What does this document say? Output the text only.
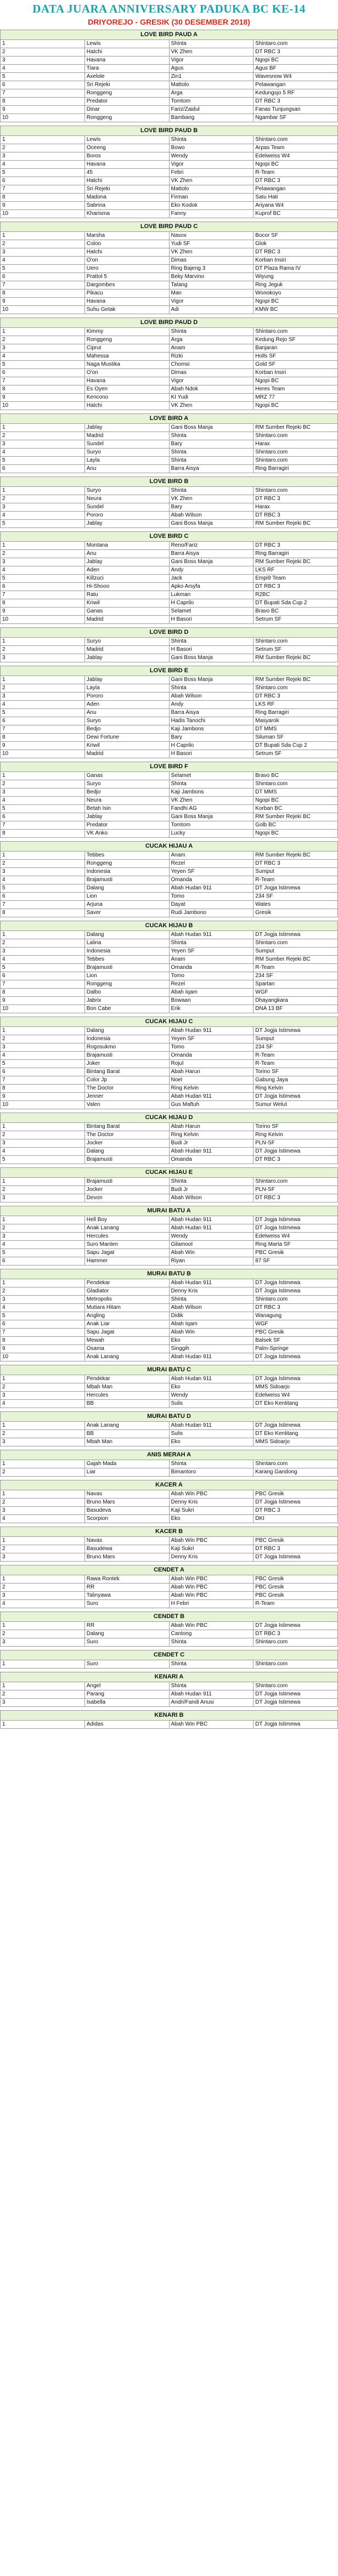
DATA JUARA ANNIVERSARY PADUKA BC KE-14
DRIYOREJO - GRESIK (30 DESEMBER 2018)
LOVE BIRD PAUD A			
1	Lewis	Shinta	Shintaro.com
2	Hatchi	VK Zhen	DT RBC 3
3	Havana	Vigor	Ngopi BC
4	Tiara	Agus	Agus BF
5	Axelole	Zin1	Wavesnow W4
6	Sri Rejeki	Mattolo	Pelawangan
7	Ronggeng	Arga	Kedungsjo 5 RF
8	Predator	Tomtom	DT RBC 3
9	Dinar	Fariz/Zaidul	Fanas Tunjungsari
10	Ronggeng	Bambang	Ngambar SF
LOVE BIRD PAUD B			
1	Lewis	Shinta	Shintaro.com
2	Oceeng	Bowo	Arpas Team
3	Boros	Wendy	Edelweiss W4
4	Havana	Vigor	Ngopi BC
5	45	Febri	R-Team
6	Hatchi	VK Zhen	DT RBC 3
7	Sri Rejeki	Mattolo	Pelawangan
8	Madona	Firman	Satu Hati
9	Sabrina	Eko Kodok	Ariyana W4
10	Kharisma	Fanny	Kuprof BC
LOVE BIRD PAUD C			
1	Marsha	Nasox	Bocor SF
2	Coloo	Yudi SF	Glok
3	Hatchi	VK Zhen	DT RBC 3
4	O'on	Dimas	Korban Insiri
5	Uero	Ring Bajeng 3	DT Plaza Rama IV
6	Prattol 5	Beky Marvino	Wiyung
7	Dargombes	Tatang	Ring Jeguk
8	Pikacu	Man	Wonokoyo
9	Havana	Vigor	Ngopi BC
10	Suhu Getak	Adi	KMW BC
LOVE BIRD PAUD D			
1	Kimmy	Shinta	Shintaro.com
2	Ronggeng	Arga	Kedung Rejo SF
3	Ciprut	Anam	Banjaran
4	Mahessa	Rizki	Holls SF
5	Naga Mustika	Chomsi	Gold SF
6	O'on	Dimas	Korban Insiri
7	Havana	Vigor	Ngopi BC
8	Es Oyen	Abah Ndok	Heres Team
9	Kencono	KI Yudi	MRZ 77
10	Hatchi	VK Zhen	Ngopi BC
LOVE BIRD A			
1	Jablay	Gani Boss Manja	RM Sumber Rejeki BC
2	Madrid	Shinta	Shintaro.com
3	Sundel	Bary	Harax
4	Suryo	Shinta	Shintaro.com
5	Layla	Shinta	Shintaro.com
6	Anu	Barra Aisya	Ring Barragiri
LOVE BIRD B			
1	Suryo	Shinta	Shintaro.com
2	Neura	VK Zhen	DT RBC 3
3	Sundel	Bary	Harax
4	Pororo	Abah Wilson	DT RBC 3
5	Jablay	Gani Boss Manja	RM Sumber Rejeki BC
LOVE BIRD C			
1	Montana	Reno/Fariz	DT RBC 3
2	Anu	Barra Aisya	Ring Barragiri
3	Jablay	Gani Boss Manja	RM Sumber Rejeki BC
4	Aden	Andy	LKS RF
5	Killzuci	Jack	Empi9 Team
6	Hi-Shooo	Apko Arsyfa	DT RBC 3
7	Ratu	Lukman	R2BC
8	Kriwil	H Caprilo	DT Bupati Sda Cup 2
9	Ganas	Selamet	Bravo BC
10	Madrid	H Basori	Setrum SF
LOVE BIRD D			
1	Suryo	Shinta	Shintaro.com
2	Madrid	H Basori	Setrum SF
3	Jablay	Gani Boss Manja	RM Sumber Rejeki BC
LOVE BIRD E			
1	Jablay	Gani Boss Manja	RM Sumber Rejeki BC
2	Layla	Shinta	Shintaro.com
3	Pororo	Abah Wilson	DT RBC 3
4	Aden	Andy	LKS RF
5	Anu	Barra Aisya	Ring Barragiri
6	Suryo	Hadis Tanochi	Masyarok
7	Bedjo	Kaji Jambons	DT MMS
8	Dewi Fortune	Bary	Siluman SF
9	Kriwil	H Caprilo	DT Bupati Sda Cup 2
10	Madrid	H Basori	Setrum SF
LOVE BIRD F			
1	Ganas	Selamet	Bravo BC
2	Suryo	Shinta	Shintaro.com
3	Bedjo	Kaji Jambons	DT MMS
4	Neura	VK Zhen	Ngopi BC
5	Betah Isin	Fandhi AG	Korban BC
6	Jablay	Gani Boss Manja	RM Sumber Rejeki BC
7	Predator	Tomtom	Golb BC
8	VK Anko	Lucky	Ngopi BC
CUCAK HIJAU A			
1	Tebbes	Anam	RM Sumber Rejeki BC
2	Ronggeng	Rezel	DT RBC 3
3	Indonesia	Yeyen SF	Sumput
4	Brajamusti	Omanda	R-Team
5	Dalang	Abah Hudan 911	DT Jogja Istimewa
6	Lion	Tomo	234 SF
7	Arjuna	Dayat	Wates
8	Saver	Rudi Jambono	Gresik
CUCAK HIJAU B			
1	Dalang	Abah Hudan 911	DT Jogja Istimewa
2	Lalina	Shinta	Shintaro.com
3	Indonesia	Yeyen SF	Sumput
4	Tebbes	Anam	RM Sumber Rejeki BC
5	Brajamusti	Omanda	R-Team
6	Lion	Tomo	234 SF
7	Ronggeng	Rezel	Spartan
8	Dalbo	Abah Iqam	WGF
9	Jabrix	Bowaan	Dhayangkara
10	Bon Cabe	Erik	DNA 13 BF
CUCAK HIJAU C			
1	Dalang	Abah Hudan 911	DT Jogja Istimewa
2	Indonesia	Yeyen SF	Sumput
3	Rogosukmo	Tomo	234 SF
4	Brajamusti	Omanda	R-Team
5	Joker	Rojul	R-Team
6	Bintang Barat	Abah Harun	Torino SF
7	Color Jp	Noel	Gabung Jaya
8	The Doctor	Ring Kelvin	Ring Kelvin
9	Jenner	Abah Hudan 911	DT Jogja Istimewa
10	Valen	Gus Maftuh	Sumur Welut
CUCAK HIJAU D			
1	Bintang Barat	Abah Harun	Torino SF
2	The Doctor	Ring Kelvin	Ring Kelvin
3	Jocker	Budi Jr	PLN-SF
4	Dalang	Abah Hudan 911	DT Jogja Istimewa
5	Brajamusti	Omanda	DT RBC 3
CUCAK HIJAU E			
1	Brajamusti	Shinta	Shintaro.com
2	Jocker	Budi Jr	PLN-SF
3	Devon	Abah Wilson	DT RBC 3
MURAI BATU A			
1	Hell Boy	Abah Hudan 911	DT Jogja Istimewa
2	Anak Lanang	Abah Hudan 911	DT Jogja Istimewa
3	Hercules	Wendy	Edelweiss W4
4	Suro Manten	Gilamool	Ring Marta SF
5	Sapu Jagat	Abah Win	PBC Gresik
6	Hammer	Riyan	87 SF
MURAI BATU B			
1	Pendekar	Abah Hudan 911	DT Jogja Istimewa
2	Gladiator	Denny Kris	DT Jogja Istimewa
3	Metropolis	Shinta	Shintaro.com
4	Mutiara Hitam	Abah Wilson	DT RBC 3
5	Angling	Didik	Wanagung
6	Anak Liar	Abah Iqam	WGF
7	Sapu Jagat	Abah Win	PBC Gresik
8	Mewah	Eko	Balsek SF
9	Osama	Singgih	Palm-Springe
10	Anak Lanang	Abah Hudan 911	DT Jogja Istimewa
MURAI BATU C			
1	Pendekar	Abah Hudan 911	DT Jogja Istimewa
2	Mbah Man	Eko	MMS Sidoarjo
3	Hercules	Wendy	Edelweiss W4
4	BB	Sulis	DT Eko Kentitang
MURAI BATU D			
1	Anak Lanang	Abah Hudan 911	DT Jogja Istimewa
2	BB	Sulis	DT Eko Kentitang
3	Mbah Man	Eko	MMS Sidoarjo
ANIS MERAH A			
1	Gajah Mada	Shinta	Shintaro.com
2	Liar	Bimantoro	Karang Gandong
KACER A			
1	Navas	Abah Win PBC	PBC Gresik
2	Bruno Mars	Denny Kris	DT Jogja Istimewa
3	Basudeva	Kaji Sukri	DT RBC 3
4	Scorpion	Eko	DKI
KACER B			
1	Navas	Abah Win PBC	PBC Gresik
2	Basudewa	Kaji Sukri	DT RBC 3
3	Bruno Mars	Denny Kris	DT Jogja Istimewa
CENDET A			
1	Rawa Rontek	Abah Win PBC	PBC Gresik
2	RR	Abah Win PBC	PBC Gresik
3	Talinyawa	Abah Win PBC	PBC Gresik
4	Suro	H Febri	R-Team
CENDET B			
1	RR	Abah Win PBC	DT Jogja Istimewa
2	Dalang	Cantong	DT RBC 3
3	Suro	Shinta	Shintaro.com
CENDET C
1	Suro	Shinta	Shintaro.com
KENARI A			
1	Angel	Shinta	Shintaro.com
2	Parang	Abah Hudan 911	DT Jogja Istimewa
3	Isabella	Andri/Fandi Anusi	DT Jogja Istimewa
KENARI B
1	Adidas	Abah Win PBC	DT Jogja Istimewa
